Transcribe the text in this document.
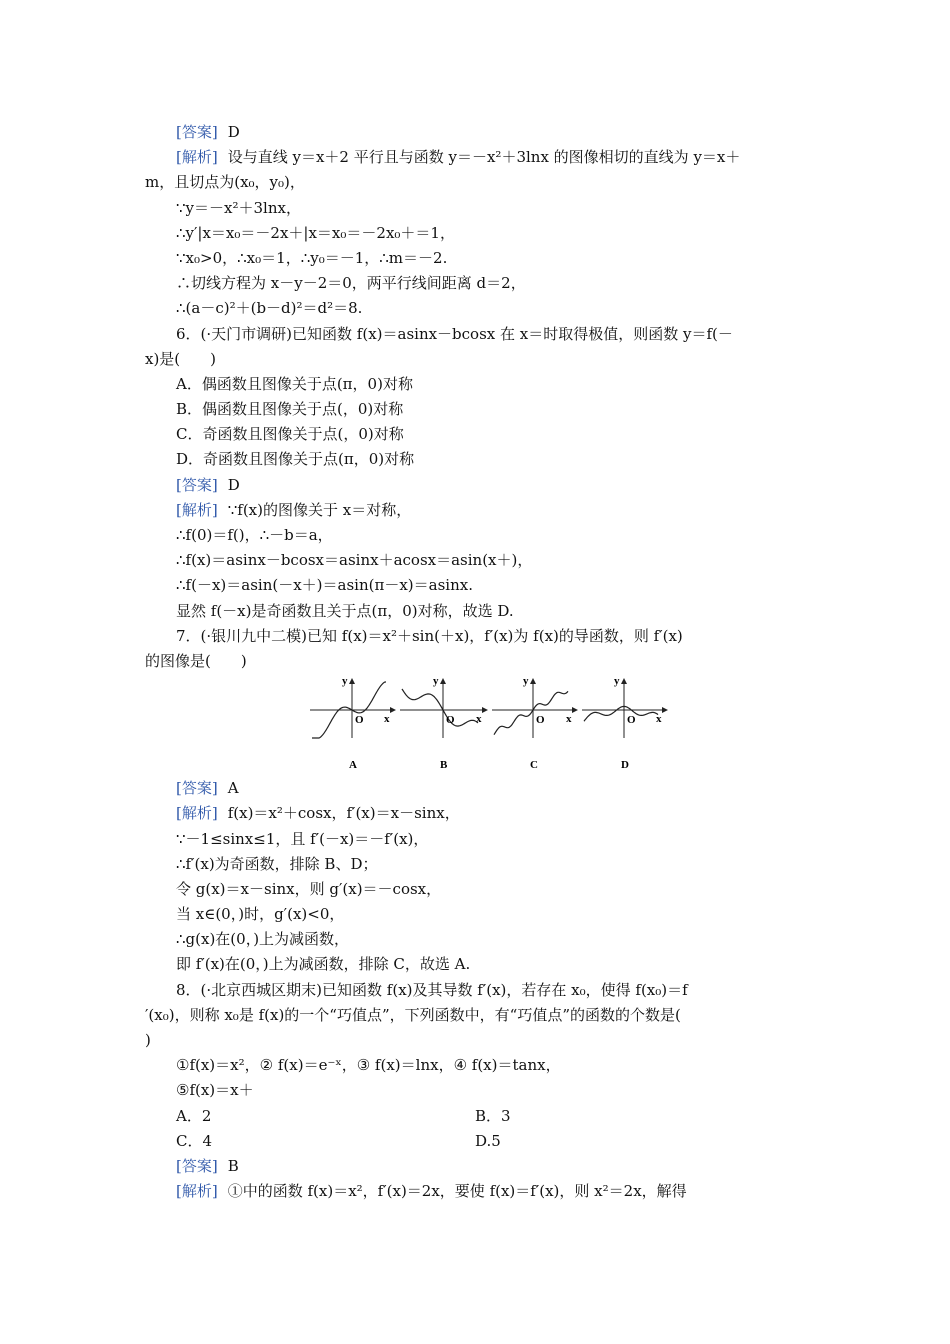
[答案] D
[解析] 设与直线 y＝x＋2 平行且与函数 y＝－x²＋3lnx 的图像相切的直线为 y＝x＋
m，且切点为(x₀，y₀)，
∵y＝－x²＋3lnx，
∴y′|x＝x₀＝－2x＋|x＝x₀＝－2x₀＋＝1，
∵x₀>0，∴x₀＝1，∴y₀＝－1，∴m＝－2.
∴切线方程为 x－y－2＝0，两平行线间距离 d＝2，
∴(a－c)²＋(b－d)²＝d²＝8.
6．(·天门市调研)已知函数 f(x)＝asinx－bcosx 在 x＝时取得极值，则函数 y＝f(－
x)是(　　)
A．偶函数且图像关于点(π，0)对称
B．偶函数且图像关于点(，0)对称
C．奇函数且图像关于点(，0)对称
D．奇函数且图像关于点(π，0)对称
[答案] D
[解析] ∵f(x)的图像关于 x＝对称，
∴f(0)＝f()，∴－b＝a，
∴f(x)＝asinx－bcosx＝asinx＋acosx＝asin(x＋)，
∴f(－x)＝asin(－x＋)＝asin(π－x)＝asinx.
显然 f(－x)是奇函数且关于点(π，0)对称，故选 D.
7．(·银川九中二模)已知 f(x)＝x²＋sin(＋x)，f′(x)为 f(x)的导函数，则 f′(x)
的图像是(　　)
y
x
O
A
y
x
O
B
y
x
O
C
y
x
O
D
[答案] A
[解析] f(x)＝x²＋cosx，f′(x)＝x－sinx，
∵－1≤sinx≤1，且 f′(－x)＝－f′(x)，
∴f′(x)为奇函数，排除 B、D；
令 g(x)＝x－sinx，则 g′(x)＝－cosx，
当 x∈(0，)时，g′(x)<0，
∴g(x)在(0，)上为减函数，
即 f′(x)在(0，)上为减函数，排除 C，故选 A.
8．(·北京西城区期末)已知函数 f(x)及其导数 f′(x)，若存在 x₀，使得 f(x₀)＝f
′(x₀)，则称 x₀是 f(x)的一个“巧值点”，下列函数中，有“巧值点”的函数的个数是(
)
①f(x)＝x²，② f(x)＝e⁻ˣ，③ f(x)＝lnx，④ f(x)＝tanx，
⑤f(x)＝x＋
A．2	B．3
C．4	D.5
[答案] B
[解析] ①中的函数 f(x)＝x²，f′(x)＝2x，要使 f(x)＝f′(x)，则 x²＝2x，解得
